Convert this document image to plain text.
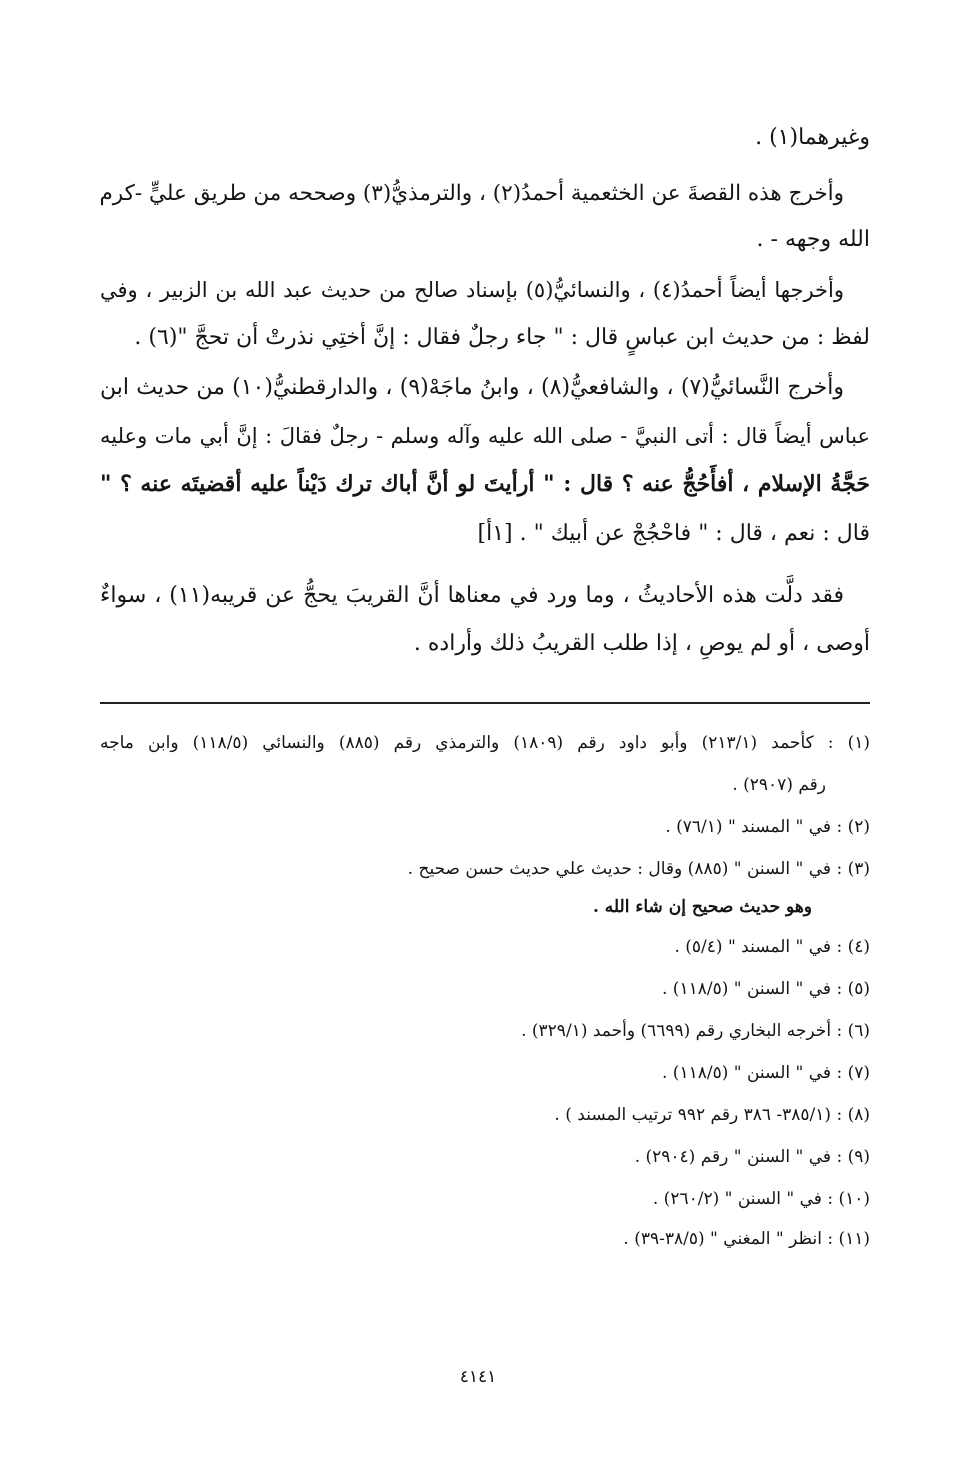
وغيرهما(١) .
وأخرج هذه القصةَ عن الخثعمية أحمدُ(٢) ، والترمذيُّ(٣) وصححه من طريق عليٍّ -كرم
الله وجهه - .
وأخرجها أيضاً أحمدُ(٤) ، والنسائيُّ(٥) بإسناد صالح من حديث عبد الله بن الزبير ، وفي
لفظ : من حديث ابن عباسٍ قال : " جاء رجلٌ فقال : إنَّ أختِي نذرتْ أن تحجَّ "(٦) .
وأخرج النَّسائيُّ(٧) ، والشافعيُّ(٨) ، وابنُ ماجَهْ(٩) ، والدارقطنيُّ(١٠) من حديث ابن
عباس أيضاً قال : أتى النبيَّ - صلى الله عليه وآله وسلم - رجلٌ فقالَ : إنَّ أبي مات وعليه
حَجَّةُ الإسلام ، أفأَحُجُّ عنه ؟ قال : " أرأيتَ لو أنَّ أباك ترك دَيْناً عليه أقضيتَه عنه ؟ "
قال : نعم ، قال : " فاحْجُجْ عن أبيك " . [١أ]
فقد دلَّت هذه الأحاديثُ ، وما ورد في معناها أنَّ القريبَ يحجُّ عن قريبه(١١) ، سواءٌ
أوصى ، أو لم يوصِ ، إذا طلب القريبُ ذلك وأراده .
(١) : كأحمد (٢١٣/١) وأبو داود رقم (١٨٠٩) والترمذي رقم (٨٨٥) والنسائي (١١٨/٥) وابن ماجه
رقم (٢٩٠٧) .
(٢) : في " المسند " (٧٦/١) .
(٣) : في " السنن " (٨٨٥) وقال : حديث علي حديث حسن صحيح .
وهو حديث صحيح إن شاء الله .
(٤) : في " المسند " (٥/٤) .
(٥) : في " السنن " (١١٨/٥) .
(٦) : أخرجه البخاري رقم (٦٦٩٩) وأحمد (٣٢٩/١) .
(٧) : في " السنن " (١١٨/٥) .
(٨) : (٣٨٥/١- ٣٨٦ رقم ٩٩٢ ترتيب المسند ) .
(٩) : في " السنن " رقم (٢٩٠٤) .
(١٠) : في " السنن " (٢٦٠/٢) .
(١١) : انظر " المغني " (٣٨/٥-٣٩) .
٤١٤١
